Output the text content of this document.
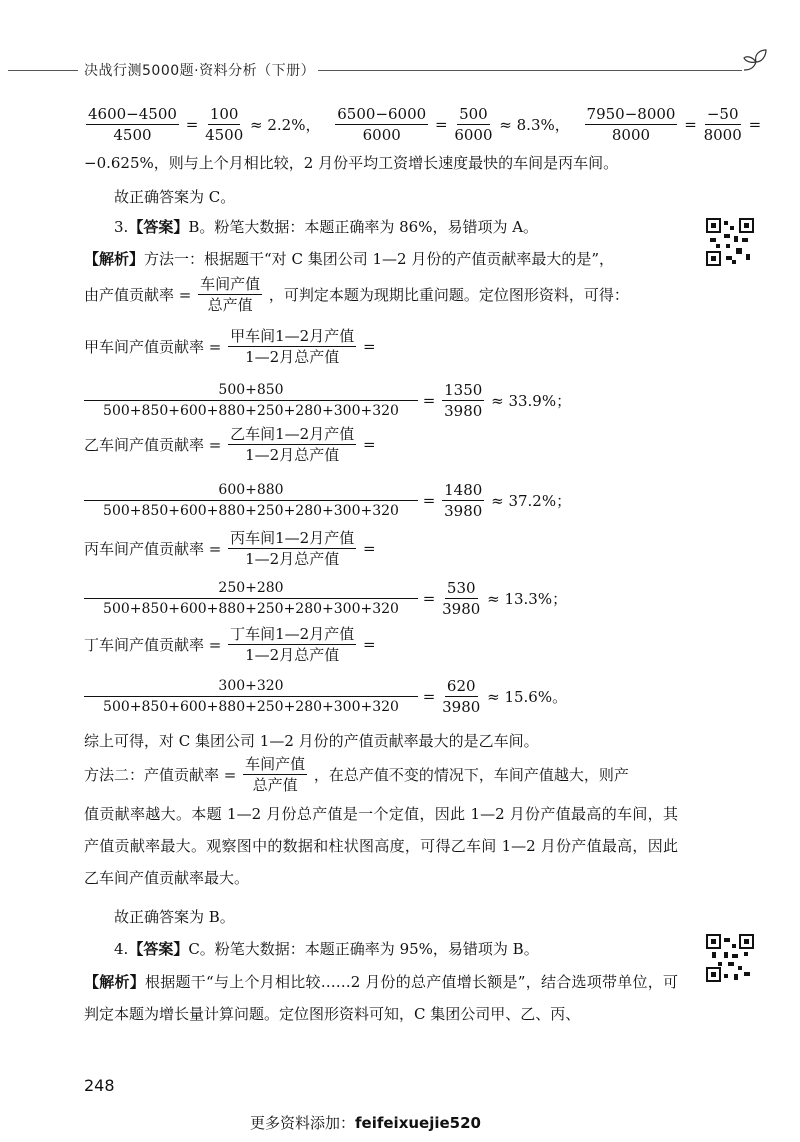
决战行测5000题·资料分析（下册）
$\frac{4600-4500}{4500} = \frac{100}{4500} \approx 2.2\%$， $\frac{6500-6000}{6000} = \frac{500}{6000} \approx 8.3\%$， $\frac{7950-8000}{8000} = \frac{-50}{8000}$ =
−0.625%，则与上个月相比较，2 月份平均工资增长速度最快的车间是丙车间。
故正确答案为 C。
3.【答案】B。粉笔大数据：本题正确率为 86%，易错项为 A。
【解析】方法一：根据题干“对 C 集团公司 1—2 月份的产值贡献率最大的是”，
由产值贡献率 = $\frac{\text{车间产值}}{\text{总产值}}$ ，可判定本题为现期比重问题。定位图形资料，可得：
甲车间产值贡献率 = $\frac{\text{甲车间1—2月产值}}{\text{1—2月总产值}}$ =
$\frac{500+850}{500+850+600+880+250+280+300+320} = \frac{1350}{3980} \approx 33.9\%$；
乙车间产值贡献率 = $\frac{\text{乙车间1—2月产值}}{\text{1—2月总产值}}$ =
$\frac{600+880}{500+850+600+880+250+280+300+320} = \frac{1480}{3980} \approx 37.2\%$；
丙车间产值贡献率 = $\frac{\text{丙车间1—2月产值}}{\text{1—2月总产值}}$ =
$\frac{250+280}{500+850+600+880+250+280+300+320} = \frac{530}{3980} \approx 13.3\%$；
丁车间产值贡献率 = $\frac{\text{丁车间1—2月产值}}{\text{1—2月总产值}}$ =
$\frac{300+320}{500+850+600+880+250+280+300+320} = \frac{620}{3980} \approx 15.6\%$。
综上可得，对 C 集团公司 1—2 月份的产值贡献率最大的是乙车间。
方法二：产值贡献率 = $\frac{\text{车间产值}}{\text{总产值}}$ ，在总产值不变的情况下，车间产值越大，则产
值贡献率越大。本题 1—2 月份总产值是一个定值，因此 1—2 月份产值最高的车间，其产值贡献率最大。观察图中的数据和柱状图高度，可得乙车间 1—2 月份产值最高，因此乙车间产值贡献率最大。
故正确答案为 B。
4.【答案】C。粉笔大数据：本题正确率为 95%，易错项为 B。
【解析】根据题干“与上个月相比较……2 月份的总产值增长额是”，结合选项带单位，可判定本题为增长量计算问题。定位图形资料可知，C 集团公司甲、乙、丙、
248
更多资料添加：feifeixuejie520
